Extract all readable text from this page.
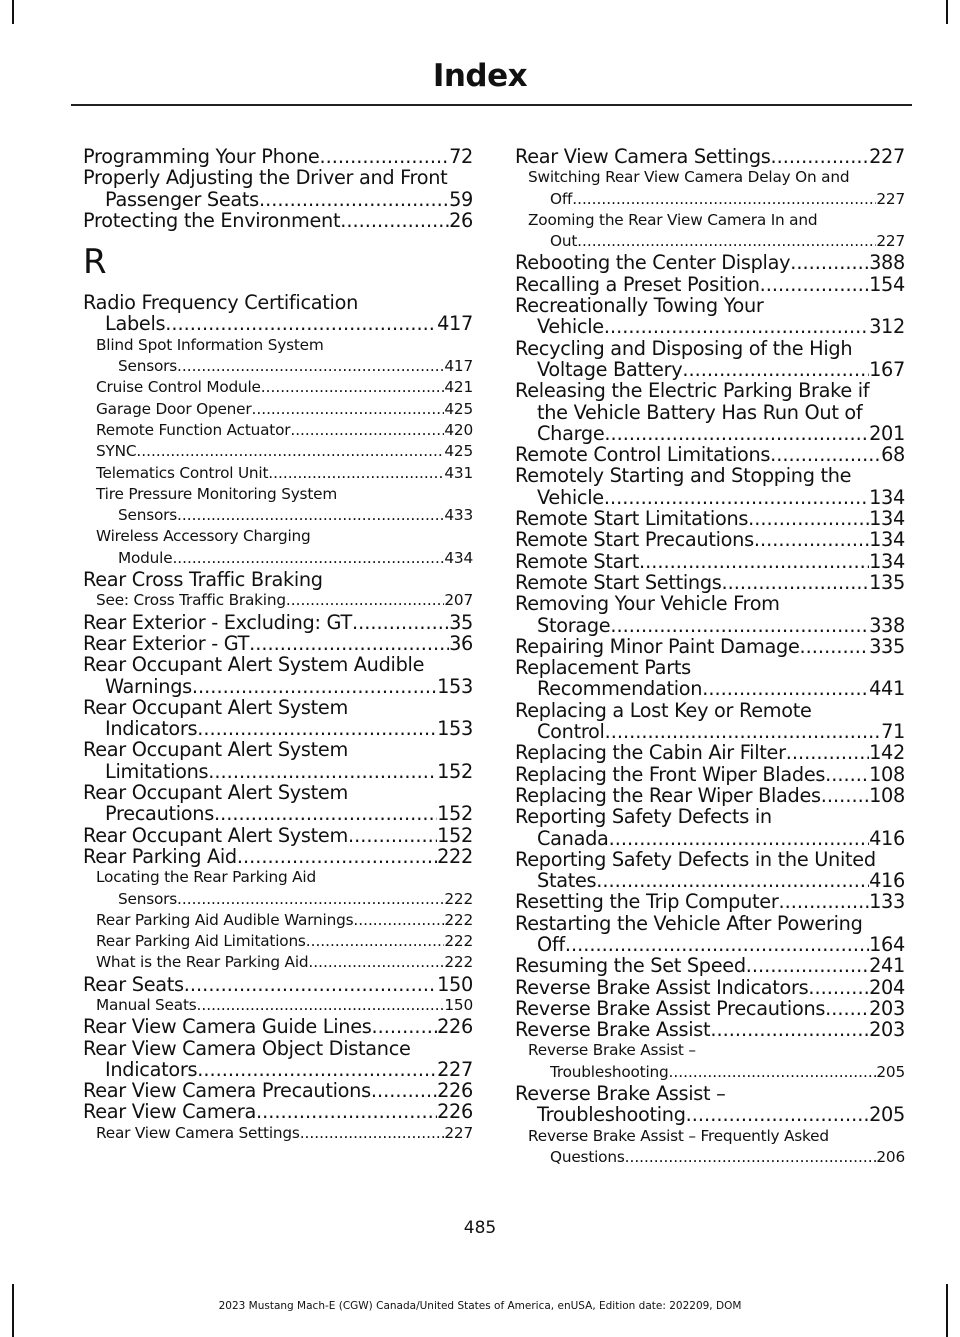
Index
Programming Your Phone .....	72
Properly Adjusting the Driver and Front
Passenger Seats .....	59
Protecting the Environment .....	26
R
Radio Frequency Certification
Labels .....	417
Blind Spot Information System
Sensors .....	417
Cruise Control Module .....	421
Garage Door Opener .....	425
Remote Function Actuator .....	420
SYNC .....	425
Telematics Control Unit .....	431
Tire Pressure Monitoring System
Sensors .....	433
Wireless Accessory Charging
Module .....	434
Rear Cross Traffic Braking
See: Cross Traffic Braking .....	207
Rear Exterior - Excluding: GT .....	35
Rear Exterior - GT .....	36
Rear Occupant Alert System Audible
Warnings .....	153
Rear Occupant Alert System
Indicators .....	153
Rear Occupant Alert System
Limitations .....	152
Rear Occupant Alert System
Precautions .....	152
Rear Occupant Alert System .....	152
Rear Parking Aid .....	222
Locating the Rear Parking Aid
Sensors .....	222
Rear Parking Aid Audible Warnings .....	222
Rear Parking Aid Limitations .....	222
What is the Rear Parking Aid .....	222
Rear Seats .....	150
Manual Seats .....	150
Rear View Camera Guide Lines .....	226
Rear View Camera Object Distance
Indicators .....	227
Rear View Camera Precautions .....	226
Rear View Camera .....	226
Rear View Camera Settings .....	227
Rear View Camera Settings .....	227
Switching Rear View Camera Delay On and
Off .....	227
Zooming the Rear View Camera In and
Out .....	227
Rebooting the Center Display .....	388
Recalling a Preset Position .....	154
Recreationally Towing Your
Vehicle .....	312
Recycling and Disposing of the High
Voltage Battery .....	167
Releasing the Electric Parking Brake if
the Vehicle Battery Has Run Out of
Charge .....	201
Remote Control Limitations .....	68
Remotely Starting and Stopping the
Vehicle .....	134
Remote Start Limitations .....	134
Remote Start Precautions .....	134
Remote Start .....	134
Remote Start Settings .....	135
Removing Your Vehicle From
Storage .....	338
Repairing Minor Paint Damage .....	335
Replacement Parts
Recommendation .....	441
Replacing a Lost Key or Remote
Control .....	71
Replacing the Cabin Air Filter .....	142
Replacing the Front Wiper Blades ..... 108
Replacing the Rear Wiper Blades .....	108
Reporting Safety Defects in
Canada .....	416
Reporting Safety Defects in the United
States .....	416
Resetting the Trip Computer .....	133
Restarting the Vehicle After Powering
Off .....	164
Resuming the Set Speed .....	241
Reverse Brake Assist Indicators .....	204
Reverse Brake Assist Precautions ..... 203
Reverse Brake Assist .....	203
Reverse Brake Assist –
Troubleshooting .....	205
Reverse Brake Assist –
Troubleshooting .....	205
Reverse Brake Assist – Frequently Asked
Questions .....	206
485
2023 Mustang Mach-E (CGW) Canada/United States of America, enUSA, Edition date: 202209, DOM
